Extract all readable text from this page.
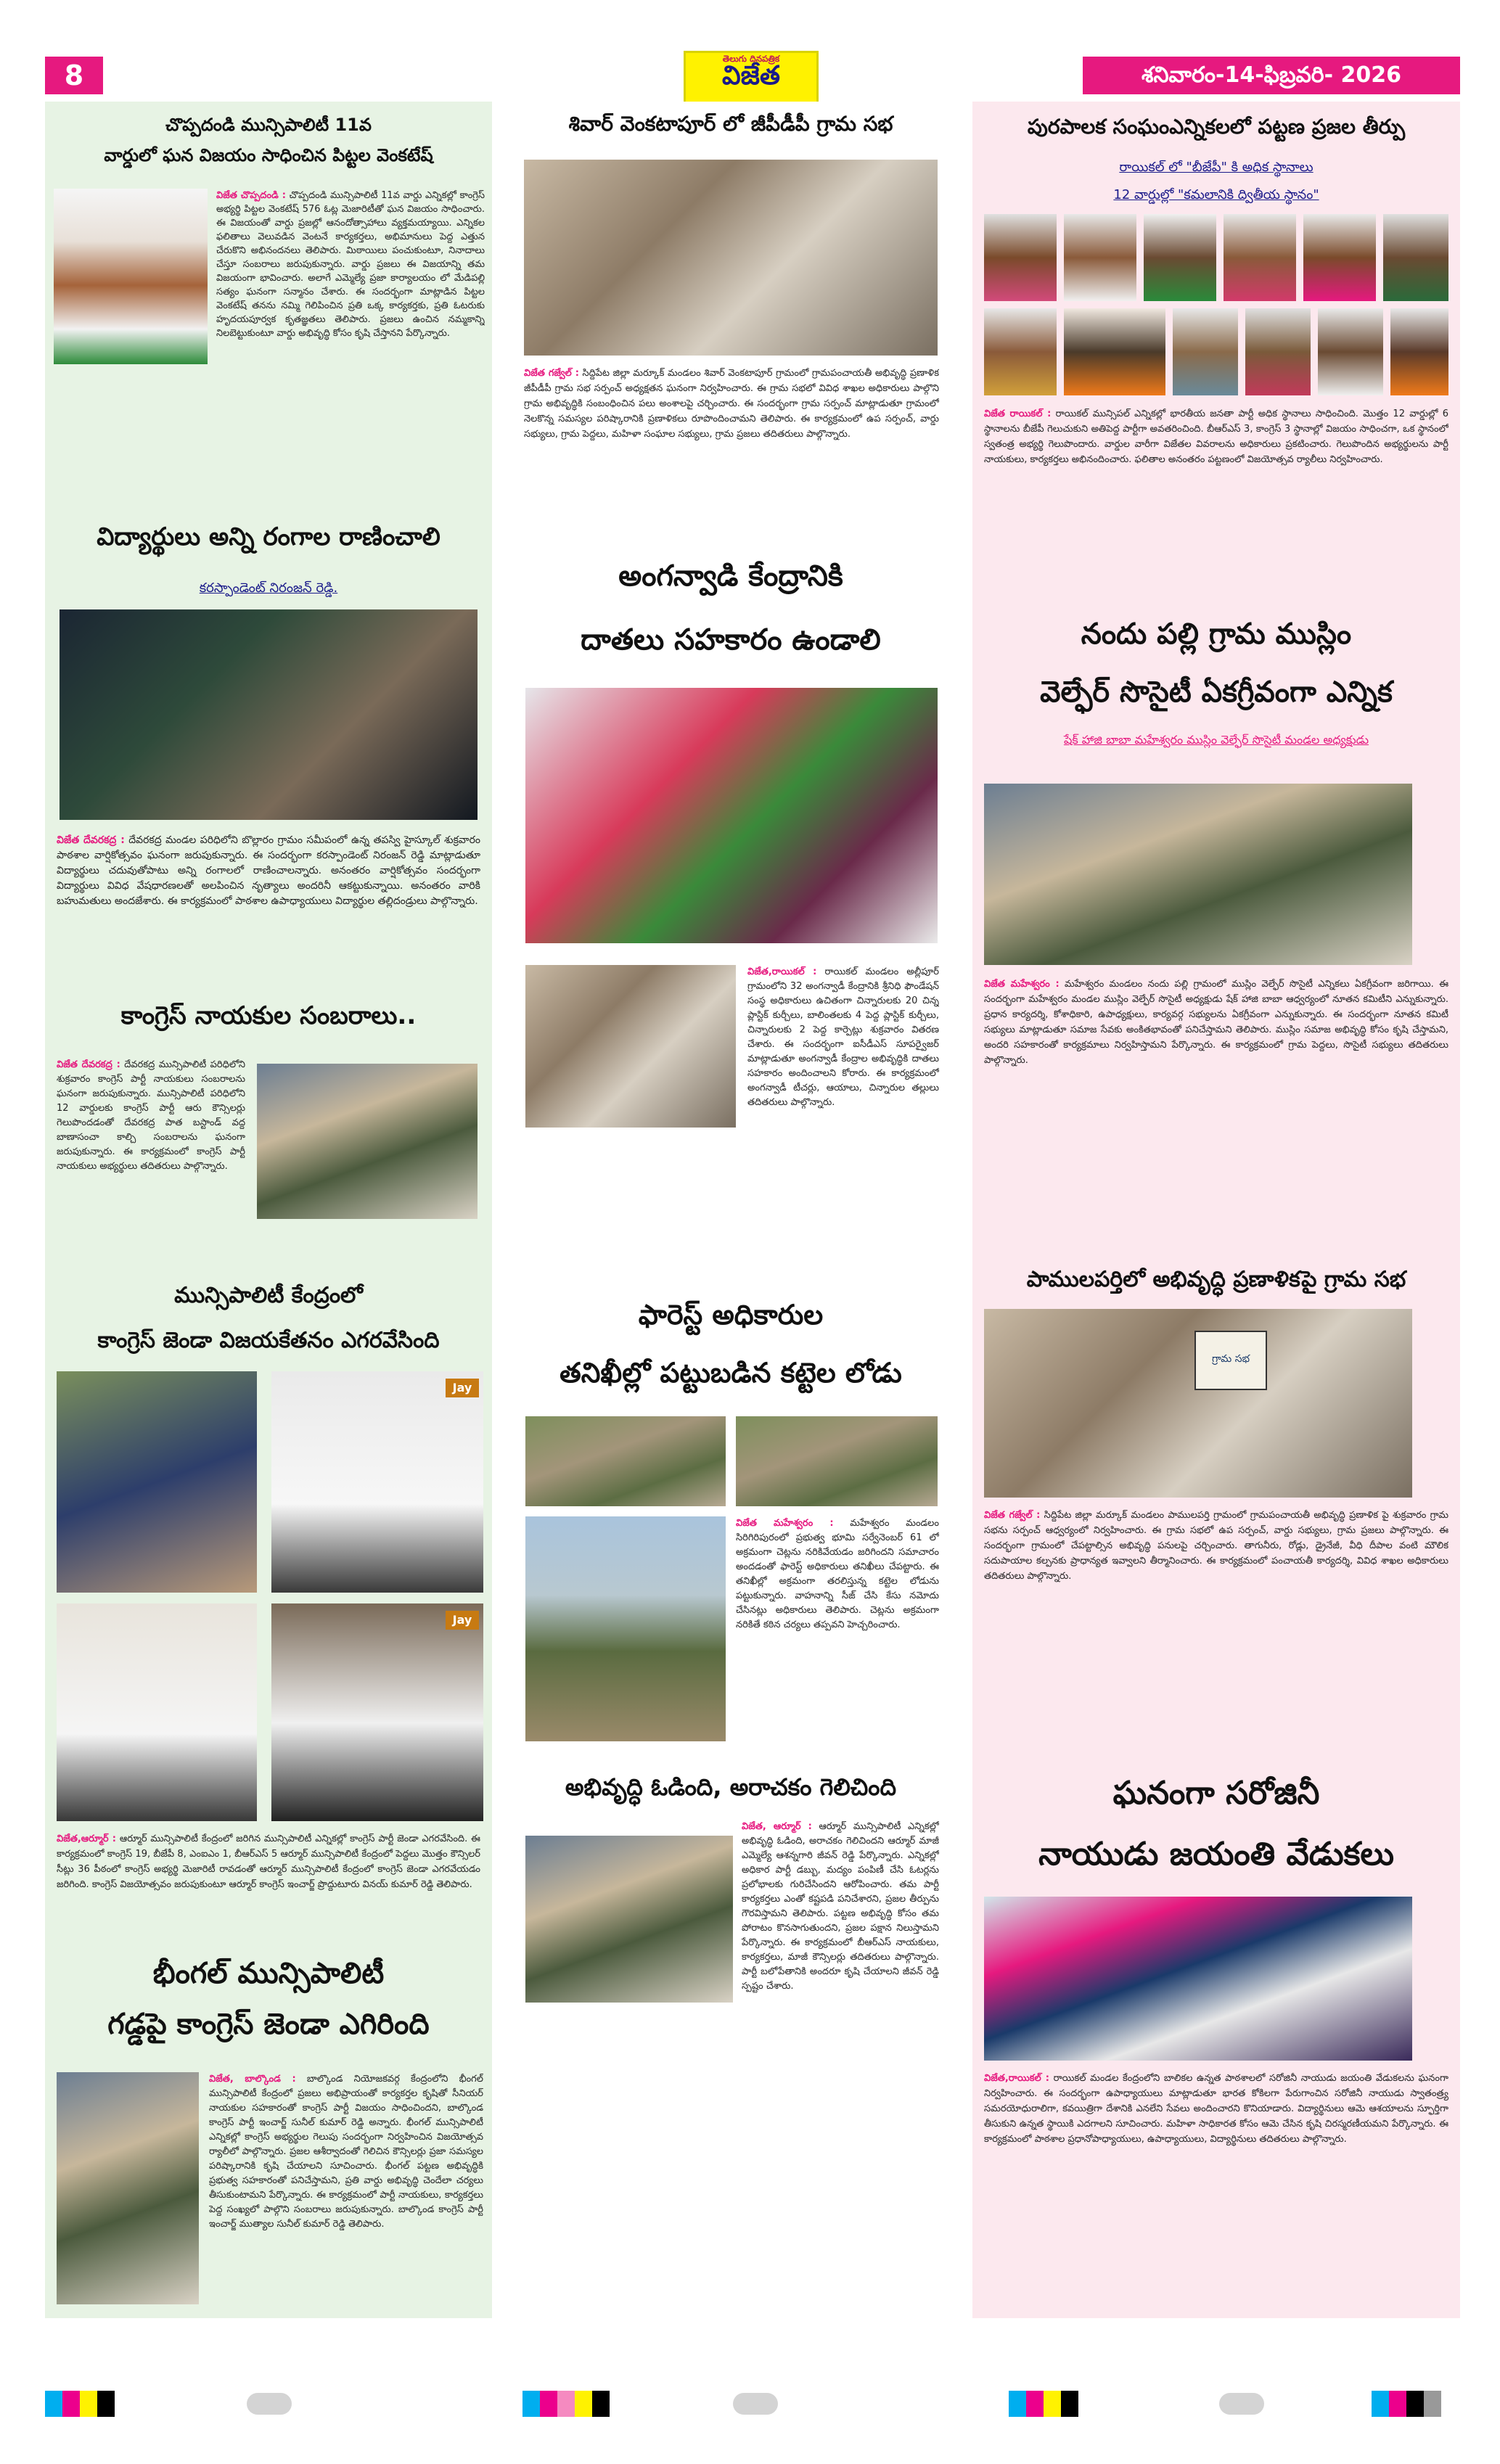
8
తెలుగు దినపత్రిక
విజేత	శనివారం-14-ఫిబ్రవరి- 2026
చొప్పదండి మున్సిపాలిటీ 11వ
వార్డులో ఘన విజయం సాధించిన పిట్టల వెంకటేష్
విజేత చొప్పదండి : చొప్పదండి మున్సిపాలిటీ 11వ వార్డు ఎన్నికల్లో కాంగ్రెస్ అభ్యర్థి పిట్టల వెంకటేష్ 576 ఓట్ల మెజారిటీతో ఘన విజయం సాధించారు. ఈ విజయంతో వార్డు ప్రజల్లో ఆనందోత్సాహాలు వ్యక్తమయ్యాయి. ఎన్నికల ఫలితాలు వెలువడిన వెంటనే కార్యకర్తలు, అభిమానులు పెద్ద ఎత్తున చేరుకొని అభినందనలు తెలిపారు. మిఠాయిలు పంచుకుంటూ, నినాదాలు చేస్తూ సంబరాలు జరుపుకున్నారు. వార్డు ప్రజలు ఈ విజయాన్ని తమ విజయంగా భావించారు. అలాగే ఎమ్మెల్యే ప్రజా కార్యాలయం లో మేడిపల్లి సత్యం ఘనంగా సన్మానం చేశారు. ఈ సందర్భంగా మాట్లాడిన పిట్టల వెంకటేష్ తనను నమ్మి గెలిపించిన ప్రతి ఒక్క కార్యకర్తకు, ప్రతి ఓటరుకు హృదయపూర్వక కృతజ్ఞతలు తెలిపారు. ప్రజలు ఉంచిన నమ్మకాన్ని నిలబెట్టుకుంటూ వార్డు అభివృద్ధి కోసం కృషి చేస్తానని పేర్కొన్నారు.
విద్యార్థులు అన్ని రంగాల రాణించాలి
కరస్పాండెంట్ నిరంజన్ రెడ్డి.
విజేత దేవరకద్ర : దేవరకద్ర మండల పరిధిలోని బొల్లారం గ్రామం సమీపంలో ఉన్న తపస్వి హైస్కూల్ శుక్రవారం పాఠశాల వార్షికోత్సవం ఘనంగా జరుపుకున్నారు. ఈ సందర్భంగా కరస్పాండెంట్ నిరంజన్ రెడ్డి మాట్లాడుతూ విద్యార్థులు చదువుతోపాటు అన్ని రంగాలలో రాణించాలన్నారు. అనంతరం వార్షికోత్సవం సందర్భంగా విద్యార్థులు వివిధ వేషధారణలతో అలపించిన నృత్యాలు అందరినీ ఆకట్టుకున్నాయి. అనంతరం వారికి బహుమతులు అందజేశారు. ఈ కార్యక్రమంలో పాఠశాల ఉపాధ్యాయులు విద్యార్థుల తల్లిదండ్రులు పాల్గొన్నారు.
కాంగ్రెస్ నాయకుల సంబరాలు..
విజేత దేవరకద్ర : దేవరకద్ర మున్సిపాలిటీ పరిధిలోని శుక్రవారం కాంగ్రెస్ పార్టీ నాయకులు సంబరాలను ఘనంగా జరుపుకున్నారు. మున్సిపాలిటీ పరిధిలోని 12 వార్డులకు కాంగ్రెస్ పార్టీ ఆరు కౌన్సిలర్లు గెలుపొందడంతో దేవరకద్ర పాత బస్టాండ్ వద్ద బాణాసంచా కాల్చి సంబరాలను ఘనంగా జరుపుకున్నారు. ఈ కార్యక్రమంలో కాంగ్రెస్ పార్టీ నాయకులు అభ్యర్థులు తదితరులు పాల్గొన్నారు.
మున్సిపాలిటీ కేంద్రంలో
కాంగ్రెస్ జెండా విజయకేతనం ఎగరవేసింది
Jay
Jay
విజేత,ఆర్మూర్ : ఆర్మూర్ మున్సిపాలిటీ కేంద్రంలో జరిగిన మున్సిపాలిటీ ఎన్నికల్లో కాంగ్రెస్ పార్టీ జెండా ఎగరవేసింది. ఈ కార్యక్రమంలో కాంగ్రెస్ 19, బీజేపీ 8, ఎంఐఎం 1, బీఆర్ఎస్ 5 ఆర్మూర్ మున్సిపాలిటీ కేంద్రంలో పెద్దలు మొత్తం కౌన్సిలర్ సీట్లు 36 పీఠంలో కాంగ్రెస్ అభ్యర్థి మెజారిటీ రావడంతో ఆర్మూర్ మున్సిపాలిటీ కేంద్రంలో కాంగ్రెస్ జెండా ఎగరవేయడం జరిగింది. కాంగ్రెస్ విజయోత్సవం జరుపుకుంటూ ఆర్మూర్ కాంగ్రెస్ ఇంచార్జ్ ప్రొద్దుటూరు వినయ్ కుమార్ రెడ్డి తెలిపారు.
భీంగల్ మున్సిపాలిటీ
గడ్డపై కాంగ్రెస్ జెండా ఎగిరింది
విజేత, బాల్కొండ : బాల్కొండ నియోజకవర్గ కేంద్రంలోని భీంగల్ మున్సిపాలిటీ కేంద్రంలో ప్రజలు అభిప్రాయంతో కార్యకర్తల కృషితో సీనియర్ నాయకుల సహకారంతో కాంగ్రెస్ పార్టీ విజయం సాధించిందని, బాల్కొండ కాంగ్రెస్ పార్టీ ఇంచార్జ్ సునీల్ కుమార్ రెడ్డి అన్నారు. భీంగల్ మున్సిపాలిటీ ఎన్నికల్లో కాంగ్రెస్ అభ్యర్థుల గెలుపు సందర్భంగా నిర్వహించిన విజయోత్సవ ర్యాలీలో పాల్గొన్నారు. ప్రజల ఆశీర్వాదంతో గెలిచిన కౌన్సిలర్లు ప్రజా సమస్యల పరిష్కారానికి కృషి చేయాలని సూచించారు. భీంగల్ పట్టణ అభివృద్ధికి ప్రభుత్వ సహకారంతో పనిచేస్తామని, ప్రతి వార్డు అభివృద్ధి చెందేలా చర్యలు తీసుకుంటామని పేర్కొన్నారు. ఈ కార్యక్రమంలో పార్టీ నాయకులు, కార్యకర్తలు పెద్ద సంఖ్యలో పాల్గొని సంబరాలు జరుపుకున్నారు. బాల్కొండ కాంగ్రెస్ పార్టీ ఇంచార్జ్ ముత్యాల సునీల్ కుమార్ రెడ్డి తెలిపారు.
శివార్ వెంకటాపూర్ లో జీపీడీపీ గ్రామ సభ
విజేత గజ్వేల్ : సిద్దిపేట జిల్లా మర్కూక్ మండలం శివార్ వెంకటాపూర్ గ్రామంలో గ్రామపంచాయతీ అభివృద్ధి ప్రణాళిక జీపీడీపీ గ్రామ సభ సర్పంచ్ అధ్యక్షతన ఘనంగా నిర్వహించారు. ఈ గ్రామ సభలో వివిధ శాఖల అధికారులు పాల్గొని గ్రామ అభివృద్ధికి సంబంధించిన పలు అంశాలపై చర్చించారు. ఈ సందర్భంగా గ్రామ సర్పంచ్ మాట్లాడుతూ గ్రామంలో నెలకొన్న సమస్యల పరిష్కారానికి ప్రణాళికలు రూపొందించామని తెలిపారు. ఈ కార్యక్రమంలో ఉప సర్పంచ్, వార్డు సభ్యులు, గ్రామ పెద్దలు, మహిళా సంఘాల సభ్యులు, గ్రామ ప్రజలు తదితరులు పాల్గొన్నారు.
అంగన్వాడి కేంద్రానికి
దాతలు సహకారం ఉండాలి
విజేత,రాయికల్ : రాయికల్ మండలం అల్లీపూర్ గ్రామంలోని 32 అంగన్వాడీ కేంద్రానికి శ్రీనిధి ఫౌండేషన్ సంస్థ అధికారులు ఉచితంగా చిన్నారులకు 20 చిన్న ప్లాస్టిక్ కుర్చీలు, బాలింతలకు 4 పెద్ద ప్లాస్టిక్ కుర్చీలు, చిన్నారులకు 2 పెద్ద కార్పెట్లు శుక్రవారం వితరణ చేశారు. ఈ సందర్భంగా ఐసీడీఎస్ సూపర్వైజర్ మాట్లాడుతూ అంగన్వాడీ కేంద్రాల అభివృద్ధికి దాతలు సహకారం అందించాలని కోరారు. ఈ కార్యక్రమంలో అంగన్వాడీ టీచర్లు, ఆయాలు, చిన్నారుల తల్లులు తదితరులు పాల్గొన్నారు.
ఫారెస్ట్ అధికారుల
తనిఖీల్లో పట్టుబడిన కట్టెల లోడు
విజేత మహేశ్వరం : మహేశ్వరం మండలం సిరిగిరిపురంలో ప్రభుత్వ భూమి సర్వేనెంబర్ 61 లో అక్రమంగా చెట్లను నరికివేయడం జరిగిందని సమాచారం అందడంతో ఫారెస్ట్ అధికారులు తనిఖీలు చేపట్టారు. ఈ తనిఖీల్లో అక్రమంగా తరలిస్తున్న కట్టెల లోడును పట్టుకున్నారు. వాహనాన్ని సీజ్ చేసి కేసు నమోదు చేసినట్లు అధికారులు తెలిపారు. చెట్లను అక్రమంగా నరికితే కఠిన చర్యలు తప్పవని హెచ్చరించారు.
అభివృద్ధి ఓడింది, అరాచకం గెలిచింది
విజేత, ఆర్మూర్ : ఆర్మూర్ మున్సిపాలిటీ ఎన్నికల్లో అభివృద్ధి ఓడింది, అరాచకం గెలిచిందని ఆర్మూర్ మాజీ ఎమ్మెల్యే ఆశన్నగారి జీవన్ రెడ్డి పేర్కొన్నారు. ఎన్నికల్లో అధికార పార్టీ డబ్బు, మద్యం పంపిణీ చేసి ఓటర్లను ప్రలోభాలకు గురిచేసిందని ఆరోపించారు. తమ పార్టీ కార్యకర్తలు ఎంతో కష్టపడి పనిచేశారని, ప్రజల తీర్పును గౌరవిస్తామని తెలిపారు. పట్టణ అభివృద్ధి కోసం తమ పోరాటం కొనసాగుతుందని, ప్రజల పక్షాన నిలుస్తామని పేర్కొన్నారు. ఈ కార్యక్రమంలో బీఆర్ఎస్ నాయకులు, కార్యకర్తలు, మాజీ కౌన్సిలర్లు తదితరులు పాల్గొన్నారు. పార్టీ బలోపేతానికి అందరూ కృషి చేయాలని జీవన్ రెడ్డి స్పష్టం చేశారు.
పురపాలక సంఘంఎన్నికలలో పట్టణ ప్రజల తీర్పు
రాయికల్ లో "బీజేపీ" కి అధిక స్థానాలు
12 వార్డుల్లో "కమలానికి ద్వితీయ స్థానం"
విజేత రాయికల్ : రాయికల్ మున్సిపల్ ఎన్నికల్లో భారతీయ జనతా పార్టీ అధిక స్థానాలు సాధించింది. మొత్తం 12 వార్డుల్లో 6 స్థానాలను బీజేపీ గెలుచుకుని అతిపెద్ద పార్టీగా అవతరించింది. బీఆర్ఎస్ 3, కాంగ్రెస్ 3 స్థానాల్లో విజయం సాధించగా, ఒక స్థానంలో స్వతంత్ర అభ్యర్థి గెలుపొందారు. వార్డుల వారీగా విజేతల వివరాలను అధికారులు ప్రకటించారు. గెలుపొందిన అభ్యర్థులను పార్టీ నాయకులు, కార్యకర్తలు అభినందించారు. ఫలితాల అనంతరం పట్టణంలో విజయోత్సవ ర్యాలీలు నిర్వహించారు.
నందు పల్లి గ్రామ ముస్లిం
వెల్ఫేర్ సొసైటీ ఏకగ్రీవంగా ఎన్నిక
షేక్ హాజి బాబా మహేశ్వరం ముస్లిం వెల్ఫేర్ సొసైటీ మండల అధ్యక్షుడు
విజేత మహేశ్వరం : మహేశ్వరం మండలం నందు పల్లి గ్రామంలో ముస్లిం వెల్ఫేర్ సొసైటీ ఎన్నికలు ఏకగ్రీవంగా జరిగాయి. ఈ సందర్భంగా మహేశ్వరం మండల ముస్లిం వెల్ఫేర్ సొసైటీ అధ్యక్షుడు షేక్ హాజి బాబా ఆధ్వర్యంలో నూతన కమిటీని ఎన్నుకున్నారు. ప్రధాన కార్యదర్శి, కోశాధికారి, ఉపాధ్యక్షులు, కార్యవర్గ సభ్యులను ఏకగ్రీవంగా ఎన్నుకున్నారు. ఈ సందర్భంగా నూతన కమిటీ సభ్యులు మాట్లాడుతూ సమాజ సేవకు అంకితభావంతో పనిచేస్తామని తెలిపారు. ముస్లిం సమాజ అభివృద్ధి కోసం కృషి చేస్తామని, అందరి సహకారంతో కార్యక్రమాలు నిర్వహిస్తామని పేర్కొన్నారు. ఈ కార్యక్రమంలో గ్రామ పెద్దలు, సొసైటీ సభ్యులు తదితరులు పాల్గొన్నారు.
పాములపర్తిలో అభివృద్ధి ప్రణాళికపై గ్రామ సభ
గ్రామ సభ
విజేత గజ్వేల్ : సిద్దిపేట జిల్లా మర్కూక్ మండలం పాములపర్తి గ్రామంలో గ్రామపంచాయతీ అభివృద్ధి ప్రణాళిక పై శుక్రవారం గ్రామ సభను సర్పంచ్ ఆధ్వర్యంలో నిర్వహించారు. ఈ గ్రామ సభలో ఉప సర్పంచ్, వార్డు సభ్యులు, గ్రామ ప్రజలు పాల్గొన్నారు. ఈ సందర్భంగా గ్రామంలో చేపట్టాల్సిన అభివృద్ధి పనులపై చర్చించారు. తాగునీరు, రోడ్లు, డ్రైనేజీ, వీధి దీపాల వంటి మౌలిక సదుపాయాల కల్పనకు ప్రాధాన్యత ఇవ్వాలని తీర్మానించారు. ఈ కార్యక్రమంలో పంచాయతీ కార్యదర్శి, వివిధ శాఖల అధికారులు తదితరులు పాల్గొన్నారు.
ఘనంగా సరోజినీ
నాయుడు జయంతి వేడుకలు
విజేత,రాయికల్ : రాయికల్ మండల కేంద్రంలోని బాలికల ఉన్నత పాఠశాలలో సరోజినీ నాయుడు జయంతి వేడుకలను ఘనంగా నిర్వహించారు. ఈ సందర్భంగా ఉపాధ్యాయులు మాట్లాడుతూ భారత కోకిలగా పేరుగాంచిన సరోజినీ నాయుడు స్వాతంత్ర్య సమరయోధురాలిగా, కవయిత్రిగా దేశానికి ఎనలేని సేవలు అందించారని కొనియాడారు. విద్యార్థినులు ఆమె ఆశయాలను స్ఫూర్తిగా తీసుకుని ఉన్నత స్థాయికి ఎదగాలని సూచించారు. మహిళా సాధికారత కోసం ఆమె చేసిన కృషి చిరస్మరణీయమని పేర్కొన్నారు. ఈ కార్యక్రమంలో పాఠశాల ప్రధానోపాధ్యాయులు, ఉపాధ్యాయులు, విద్యార్థినులు తదితరులు పాల్గొన్నారు.
